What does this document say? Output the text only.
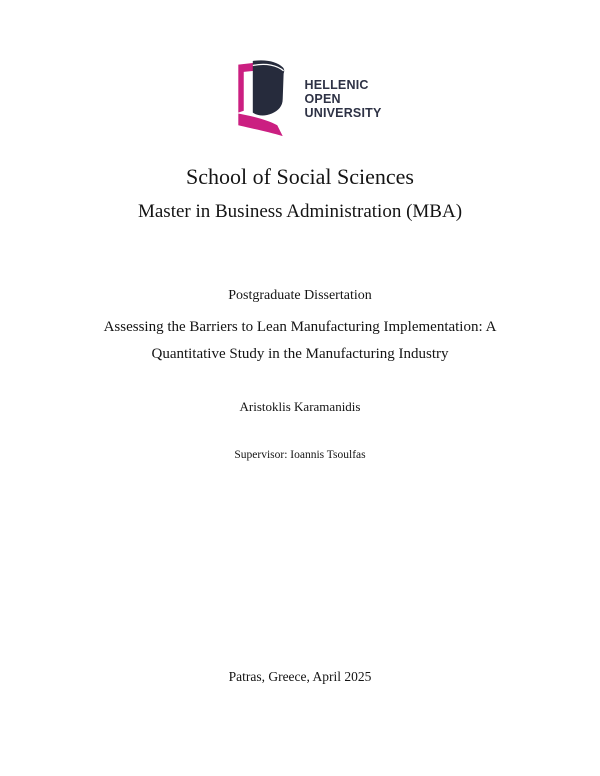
HELLENIC
OPEN
UNIVERSITY
School of Social Sciences
Master in Business Administration (MBA)
Postgraduate Dissertation
Assessing the Barriers to Lean Manufacturing Implementation: A
Quantitative Study in the Manufacturing Industry
Aristoklis Karamanidis
Supervisor: Ioannis Tsoulfas
Patras, Greece, April 2025
